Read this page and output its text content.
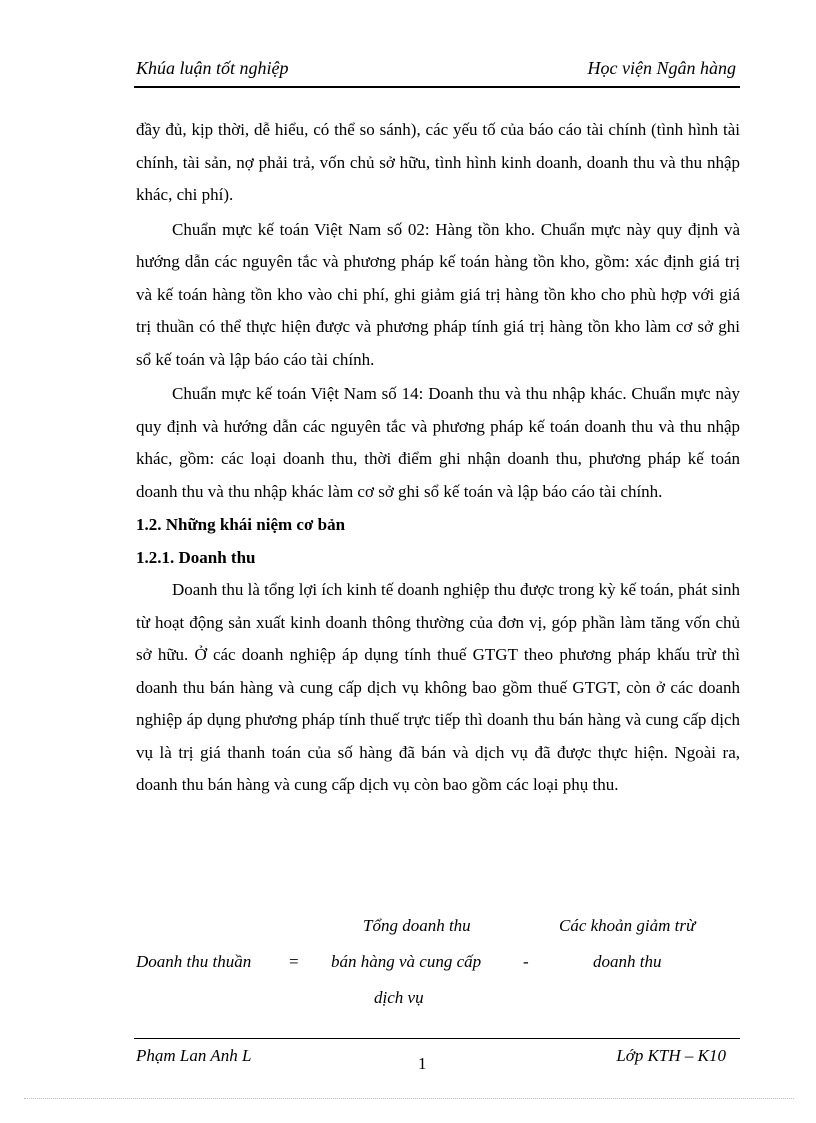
Khúa luận tốt nghiệp	Học viện Ngân hàng

đầy đủ, kịp thời, dễ hiểu, có thể so sánh), các yếu tố của báo cáo tài chính (tình hình tài chính, tài sản, nợ phải trả, vốn chủ sở hữu, tình hình kinh doanh, doanh thu và thu nhập khác, chi phí).

Chuẩn mực kế toán Việt Nam số 02: Hàng tồn kho. Chuẩn mực này quy định và hướng dẫn các nguyên tắc và phương pháp kế toán hàng tồn kho, gồm: xác định giá trị và kế toán hàng tồn kho vào chi phí, ghi giảm giá trị hàng tồn kho cho phù hợp với giá trị thuần có thể thực hiện được và phương pháp tính giá trị hàng tồn kho làm cơ sở ghi sổ kế toán và lập báo cáo tài chính.

Chuẩn mực kế toán Việt Nam số 14: Doanh thu và thu nhập khác. Chuẩn mực này quy định và hướng dẫn các nguyên tắc và phương pháp kế toán doanh thu và thu nhập khác, gồm: các loại doanh thu, thời điểm ghi nhận doanh thu, phương pháp kế toán doanh thu và thu nhập khác làm cơ sở ghi sổ kế toán và lập báo cáo tài chính.

1.2. Những khái niệm cơ bản

1.2.1. Doanh thu

Doanh thu là tổng lợi ích kinh tế doanh nghiệp thu được trong kỳ kế toán, phát sinh từ hoạt động sản xuất kinh doanh thông thường của đơn vị, góp phần làm tăng vốn chủ sở hữu. Ở các doanh nghiệp áp dụng tính thuế GTGT theo phương pháp khấu trừ thì doanh thu bán hàng và cung cấp dịch vụ không bao gồm thuế GTGT, còn ở các doanh nghiệp áp dụng phương pháp tính thuế trực tiếp thì doanh thu bán hàng và cung cấp dịch vụ là trị giá thanh toán của số hàng đã bán và dịch vụ đã được thực hiện. Ngoài ra, doanh thu bán hàng và cung cấp dịch vụ còn bao gồm các loại phụ thu.

Doanh thu thuần =
Tổng doanh thu
bán hàng và cung cấp
dịch vụ
-
Các khoản giảm trừ
doanh thu
Phạm Lan Anh L	1	Lớp KTH – K10
